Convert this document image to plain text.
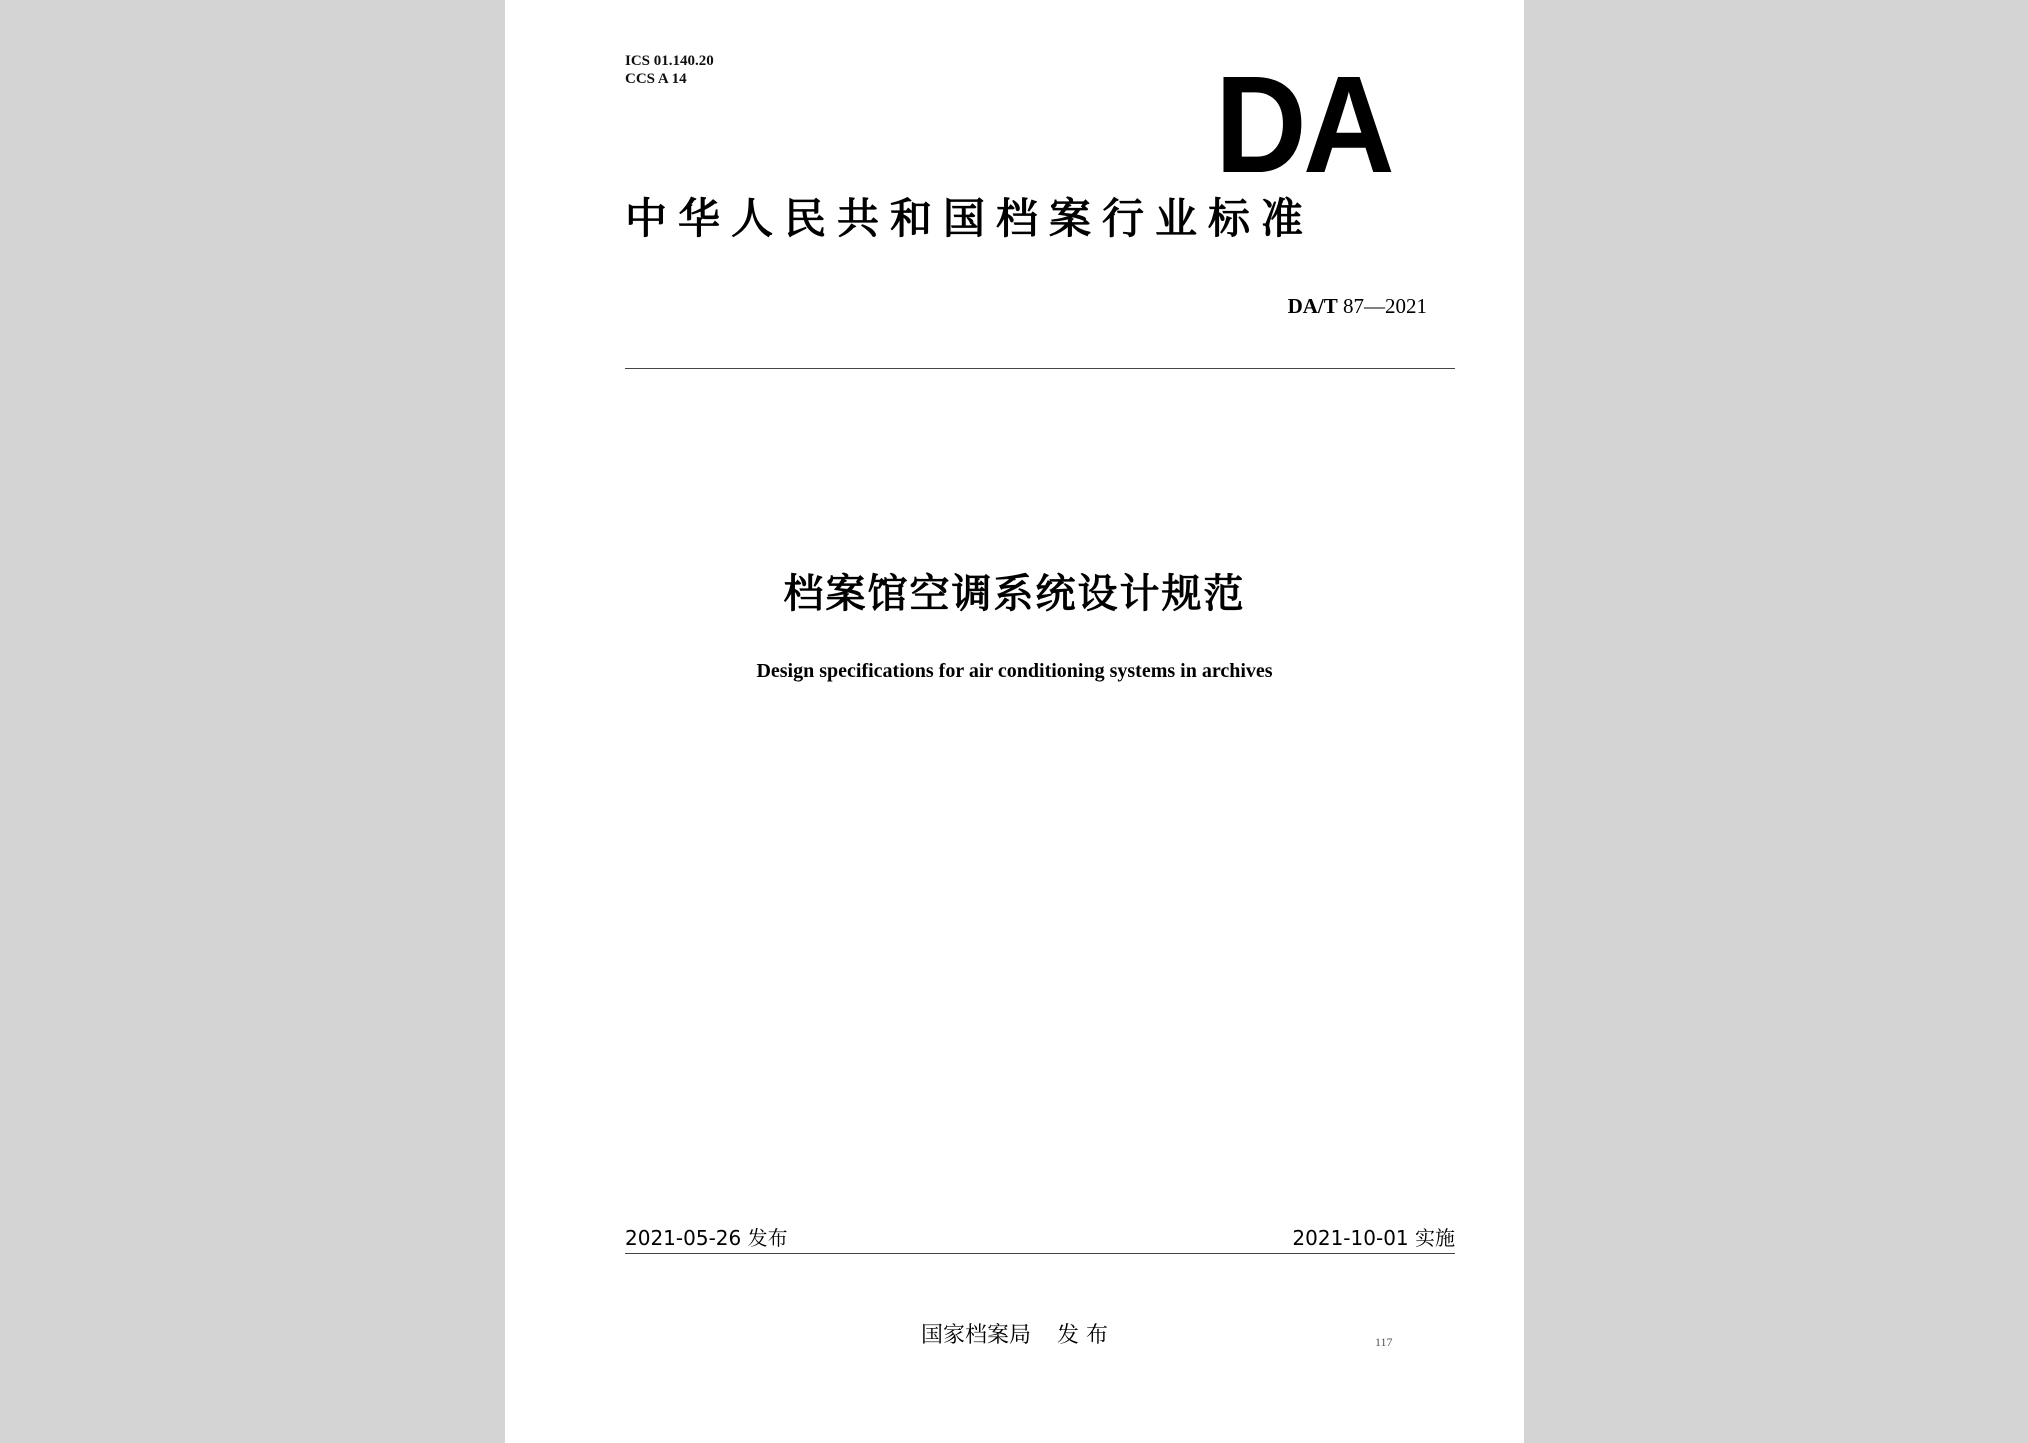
ICS 01.140.20
CCS A 14	DA
中华人民共和国档案行业标准
DA/T 87—2021
档案馆空调系统设计规范
Design specifications for air conditioning systems in archives
2021-05-26 发布	2021-10-01 实施
国家档案局 发 布	117
